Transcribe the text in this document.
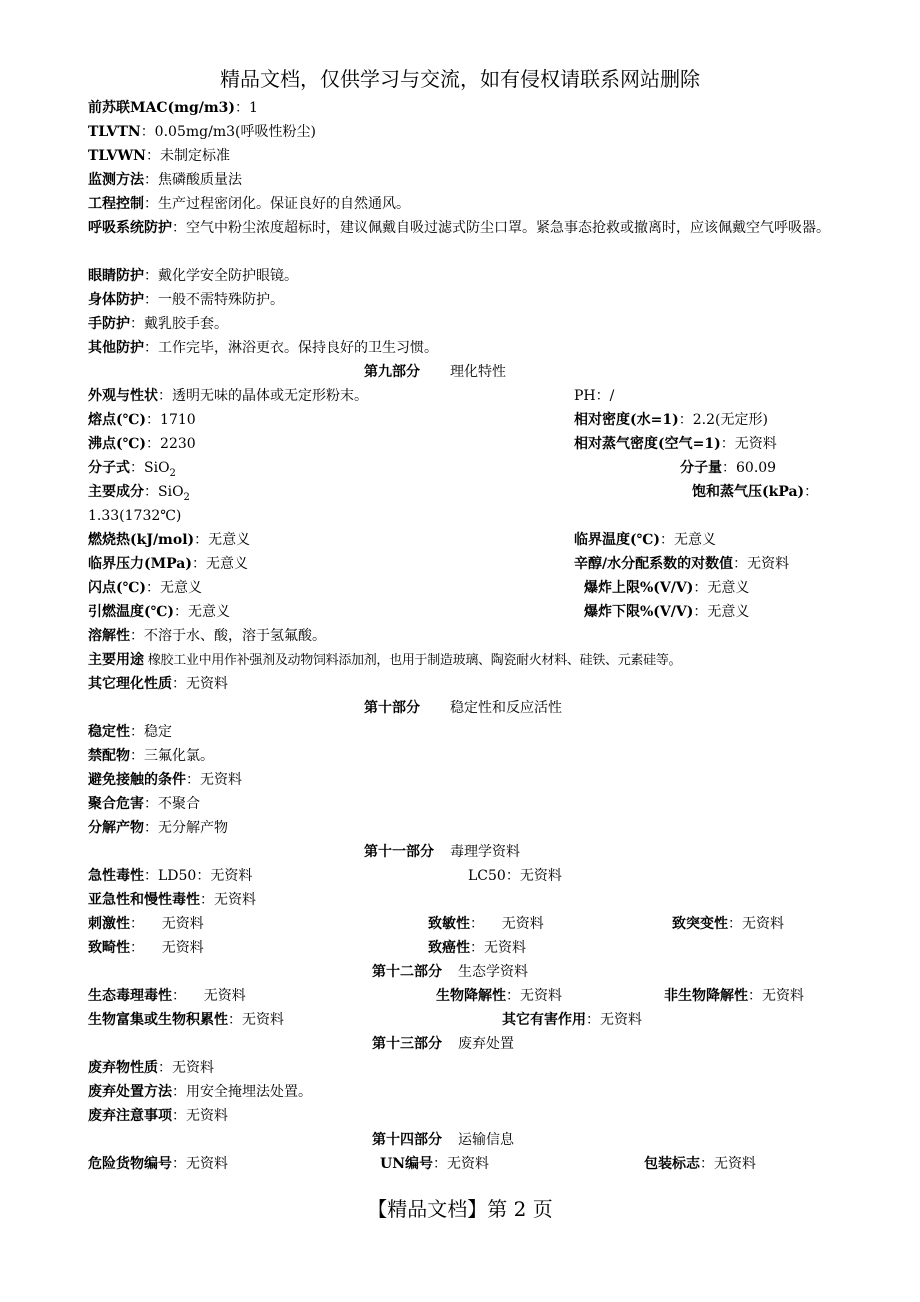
精品文档，仅供学习与交流，如有侵权请联系网站删除
前苏联MAC(mg/m3)：1
TLVTN：0.05mg/m3(呼吸性粉尘)
TLVWN：未制定标准
监测方法：焦磷酸质量法
工程控制：生产过程密闭化。保证良好的自然通风。
呼吸系统防护：空气中粉尘浓度超标时，建议佩戴自吸过滤式防尘口罩。紧急事态抢救或撤离时，应该佩戴空气呼吸器。
眼睛防护：戴化学安全防护眼镜。
身体防护：一般不需特殊防护。
手防护：戴乳胶手套。
其他防护：工作完毕，淋浴更衣。保持良好的卫生习惯。
第九部分 理化特性
外观与性状：透明无味的晶体或无定形粉末。	PH：/
熔点(℃)：1710	相对密度(水=1)：2.2(无定形)
沸点(℃)：2230	相对蒸气密度(空气=1)：无资料
分子式：SiO$_2$	分子量：60.09
主要成分：SiO$_2$	饱和蒸气压(kPa)：
1.33(1732℃)
燃烧热(kJ/mol)：无意义	临界温度(℃)：无意义
临界压力(MPa)：无意义	辛醇/水分配系数的对数值：无资料
闪点(℃)：无意义	爆炸上限%(V/V)：无意义
引燃温度(℃)：无意义	爆炸下限%(V/V)：无意义
溶解性：不溶于水、酸，溶于氢氟酸。
主要用途 橡胶工业中用作补强剂及动物饲料添加剂，也用于制造玻璃、陶瓷耐火材料、硅铁、元素硅等。
其它理化性质：无资料
第十部分 稳定性和反应活性
稳定性：稳定
禁配物：三氟化氯。
避免接触的条件：无资料
聚合危害：不聚合
分解产物：无分解产物
第十一部分 毒理学资料
急性毒性：LD50：无资料	LC50：无资料
亚急性和慢性毒性：无资料
刺激性：    无资料	致敏性：    无资料	致突变性：无资料
致畸性：    无资料	致癌性：无资料
第十二部分 生态学资料
生态毒理毒性：    无资料	生物降解性：无资料	非生物降解性：无资料
生物富集或生物积累性：无资料	其它有害作用：无资料
第十三部分 废弃处置
废弃物性质：无资料
废弃处置方法：用安全掩埋法处置。
废弃注意事项：无资料
第十四部分 运输信息
危险货物编号：无资料	UN编号：无资料	包装标志：无资料
【精品文档】第 2 页
